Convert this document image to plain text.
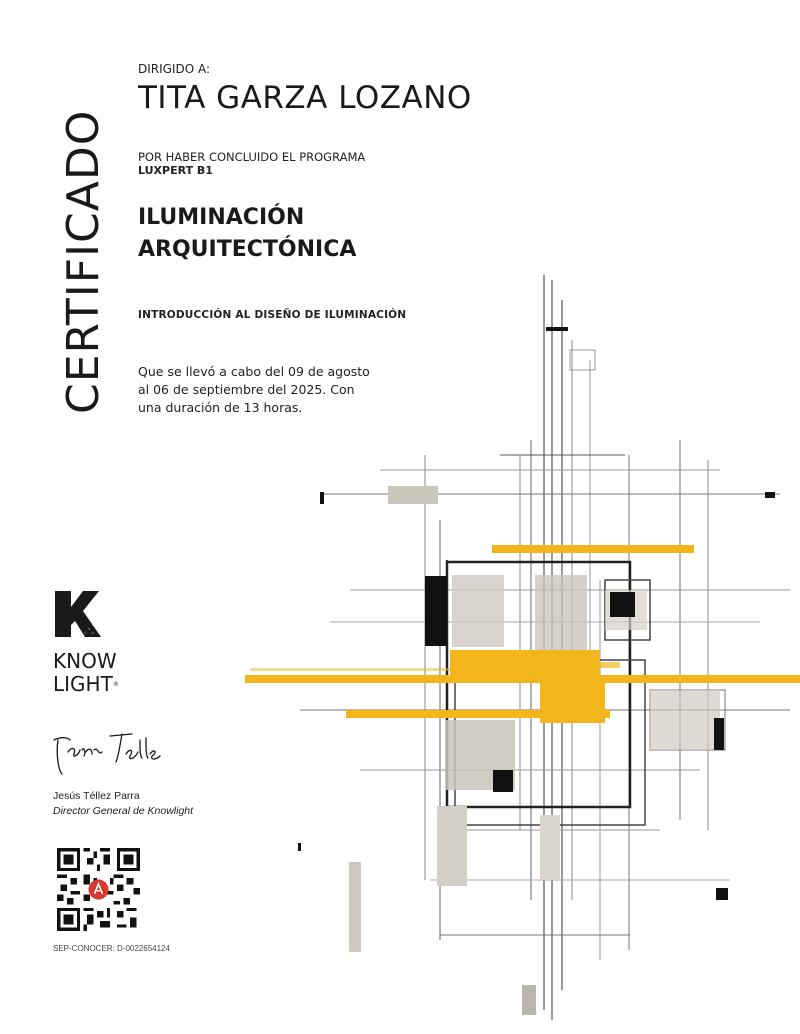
CERTIFICADO
DIRIGIDO A:
TITA GARZA LOZANO
POR HABER CONCLUIDO EL PROGRAMA
LUXPERT B1
ILUMINACIÓN
ARQUITECTÓNICA
INTRODUCCIÓN AL DISEÑO DE ILUMINACIÓN
Que se llevó a cabo del 09 de agosto
al 06 de septiembre del 2025. Con
una duración de 13 horas.
KNOW
LIGHT®
Jesús Téllez Parra
Director General de Knowlight
SEP-CONOCER: D-0022654124
